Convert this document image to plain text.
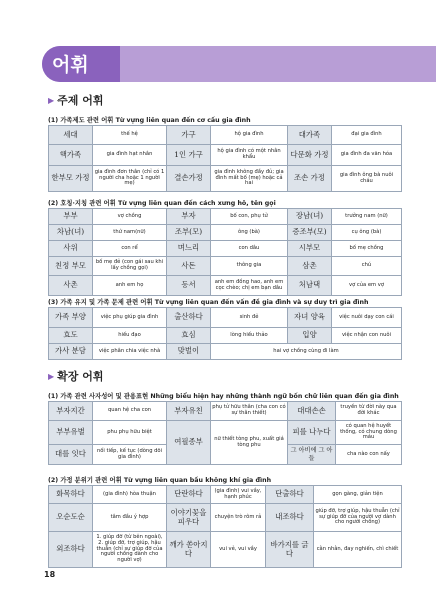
어휘
▶ 주제 어휘
(1) 가족제도 관련 어휘 Từ vựng liên quan đến cơ cấu gia đình
세대	thế hệ	가구	hộ gia đình	대가족	đại gia đình
핵가족	gia đình hạt nhân	1인 가구	hộ gia đình có một nhân khẩu	다문화 가정	gia đình đa văn hóa
한부모 가정	gia đình đơn thân (chỉ có 1 người cha hoặc 1 người mẹ)	결손가정	gia đình không đầy đủ; gia đình mất bố (mẹ) hoặc cả hai	조손 가정	gia đình ông bà nuôi cháu
(2) 호칭·지칭 관련 어휘 Từ vựng liên quan đến cách xưng hô, tên gọi
부부	vợ chồng	부자	bố con, phụ tử	장남(녀)	trưởng nam (nữ)
차남(녀)	thứ nam(nữ)	조부(모)	ông (bà)	증조부(모)	cụ ông (bà)
사위	con rể	며느리	con dâu	시부모	bố mẹ chồng
친정 부모	bố mẹ đẻ (con gái sau khi lấy chồng gọi)	사돈	thông gia	삼촌	chú
사촌	anh em họ	동서	anh em đồng hao, anh em cọc chèo; chị em bạn dâu	처남댁	vợ của em vợ
(3) 가족 유지 및 가족 문제 관련 어휘 Từ vựng liên quan đến vấn đề gia đình và sự duy trì gia đình
가족 부양	việc phụ giúp gia đình	출산하다	sinh đẻ	자녀 양육	việc nuôi dạy con cái
효도	hiếu đạo	효심	lòng hiếu thảo	입양	việc nhận con nuôi
가사 분담	việc phân chia việc nhà	맞벌이	hai vợ chồng cùng đi làm		
▶ 확장 어휘
(1) 가족 관련 사자성어 및 관용표현 Những biểu hiện hay những thành ngữ bốn chữ liên quan đến gia đình
부자지간	quan hệ cha con	부자유친	phụ tử hữu thân (cha con có sự thân thiết)	대대손손	truyền từ đời này qua đời khác
부부유별	phu phụ hữu biệt	여필종부	nữ thiết tòng phu, xuất giá tòng phu	피를 나누다	có quan hệ huyết thống, có chung dòng máu
대를 잇다	nối tiếp, kế tục (dòng dõi gia đình)			그 아비에 그 아들	cha nào con nấy
(2) 가정 분위기 관련 어휘 Từ vựng liên quan bầu không khí gia đình
화목하다	(gia đình) hòa thuận	단란하다	(gia đình) vui vầy, hạnh phúc	단출하다	gọn gàng, giản tiện
오순도순	tâm đầu ý hợp	이야기꽃을 피우다	chuyện trò rôm rả	내조하다	giúp đỡ, trợ giúp, hậu thuẫn (chỉ sự giúp đỡ của người vợ dành cho người chồng)
외조하다	1. giúp đỡ (từ bên ngoài), 2. giúp đỡ, trợ giúp, hậu thuẫn (chỉ sự giúp đỡ của người chồng dành cho người vợ)	깨가 쏟아지다	vui vẻ, vui vầy	바가지를 긁다	cằn nhằn, đay nghiến, chì chiết
18
